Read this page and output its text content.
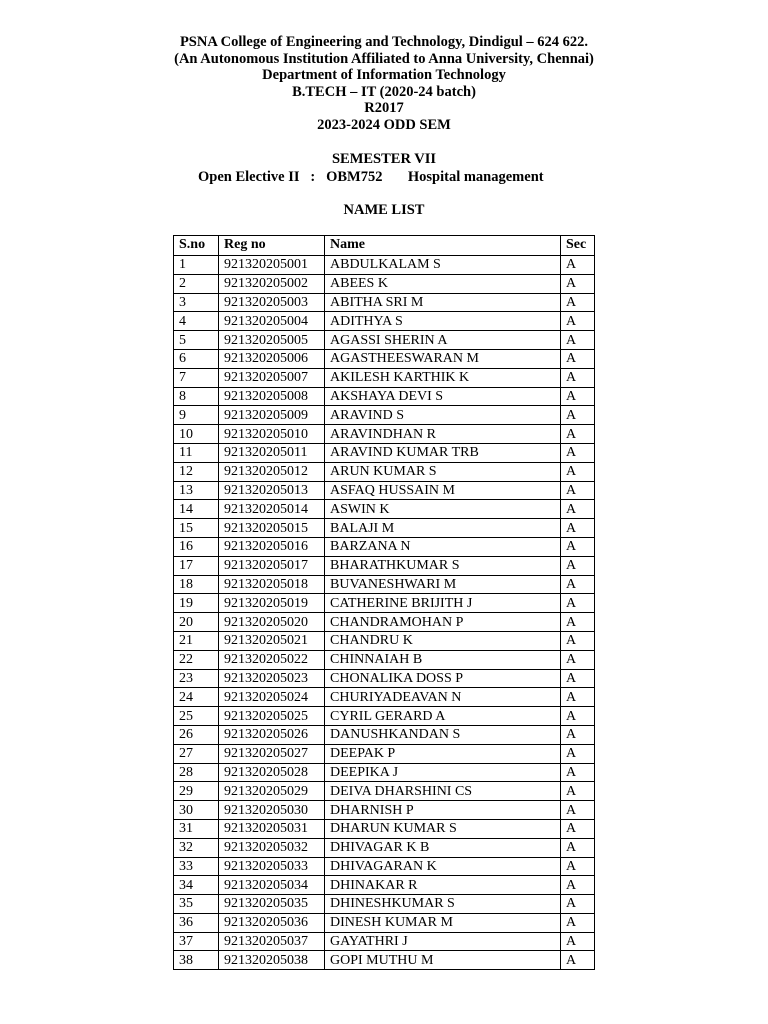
PSNA College of Engineering and Technology, Dindigul – 624 622.
(An Autonomous Institution Affiliated to Anna University, Chennai)
Department of Information Technology
B.TECH – IT (2020-24 batch)
R2017
2023-2024 ODD SEM
SEMESTER VII
Open Elective II : OBM752 Hospital management
NAME LIST
S.no	Reg no	Name	Sec
1	921320205001	ABDULKALAM S	A
2	921320205002	ABEES K	A
3	921320205003	ABITHA SRI M	A
4	921320205004	ADITHYA S	A
5	921320205005	AGASSI SHERIN A	A
6	921320205006	AGASTHEESWARAN M	A
7	921320205007	AKILESH KARTHIK K	A
8	921320205008	AKSHAYA DEVI S	A
9	921320205009	ARAVIND S	A
10	921320205010	ARAVINDHAN R	A
11	921320205011	ARAVIND KUMAR TRB	A
12	921320205012	ARUN KUMAR S	A
13	921320205013	ASFAQ HUSSAIN M	A
14	921320205014	ASWIN K	A
15	921320205015	BALAJI M	A
16	921320205016	BARZANA N	A
17	921320205017	BHARATHKUMAR S	A
18	921320205018	BUVANESHWARI M	A
19	921320205019	CATHERINE BRIJITH J	A
20	921320205020	CHANDRAMOHAN P	A
21	921320205021	CHANDRU K	A
22	921320205022	CHINNAIAH B	A
23	921320205023	CHONALIKA DOSS P	A
24	921320205024	CHURIYADEAVAN N	A
25	921320205025	CYRIL GERARD A	A
26	921320205026	DANUSHKANDAN S	A
27	921320205027	DEEPAK P	A
28	921320205028	DEEPIKA J	A
29	921320205029	DEIVA DHARSHINI CS	A
30	921320205030	DHARNISH P	A
31	921320205031	DHARUN KUMAR S	A
32	921320205032	DHIVAGAR K B	A
33	921320205033	DHIVAGARAN K	A
34	921320205034	DHINAKAR R	A
35	921320205035	DHINESHKUMAR S	A
36	921320205036	DINESH KUMAR M	A
37	921320205037	GAYATHRI J	A
38	921320205038	GOPI MUTHU M	A
